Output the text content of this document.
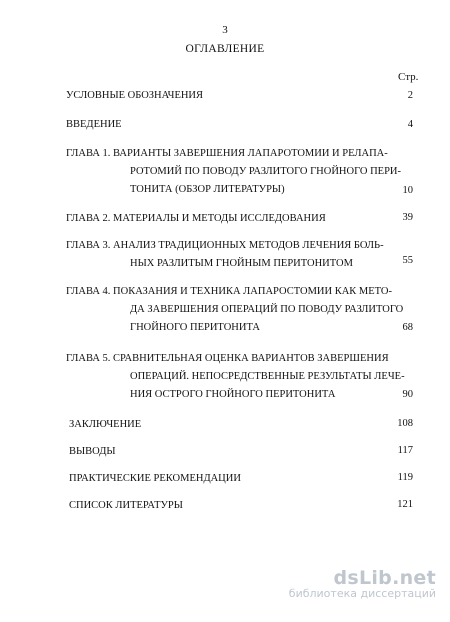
3
ОГЛАВЛЕНИЕ
Стр.
УСЛОВНЫЕ ОБОЗНАЧЕНИЯ	2
ВВЕДЕНИЕ	4
ГЛАВА 1. ВАРИАНТЫ ЗАВЕРШЕНИЯ ЛАПАРОТОМИИ И РЕЛАПА-
РОТОМИЙ ПО ПОВОДУ РАЗЛИТОГО ГНОЙНОГО ПЕРИ-
ТОНИТА (ОБЗОР ЛИТЕРАТУРЫ)	10
ГЛАВА 2. МАТЕРИАЛЫ И МЕТОДЫ ИССЛЕДОВАНИЯ	39
ГЛАВА 3. АНАЛИЗ ТРАДИЦИОННЫХ МЕТОДОВ ЛЕЧЕНИЯ БОЛЬ-
НЫХ РАЗЛИТЫМ ГНОЙНЫМ ПЕРИТОНИТОМ	55
ГЛАВА 4. ПОКАЗАНИЯ И ТЕХНИКА ЛАПАРОСТОМИИ КАК МЕТО-
ДА ЗАВЕРШЕНИЯ ОПЕРАЦИЙ ПО ПОВОДУ РАЗЛИТОГО
ГНОЙНОГО ПЕРИТОНИТА	68
ГЛАВА 5. СРАВНИТЕЛЬНАЯ ОЦЕНКА ВАРИАНТОВ ЗАВЕРШЕНИЯ
ОПЕРАЦИЙ. НЕПОСРЕДСТВЕННЫЕ РЕЗУЛЬТАТЫ ЛЕЧЕ-
НИЯ ОСТРОГО ГНОЙНОГО ПЕРИТОНИТА	90
ЗАКЛЮЧЕНИЕ	108
ВЫВОДЫ	117
ПРАКТИЧЕСКИЕ РЕКОМЕНДАЦИИ	119
СПИСОК ЛИТЕРАТУРЫ	121
dsLib.net
библиотека диссертаций
